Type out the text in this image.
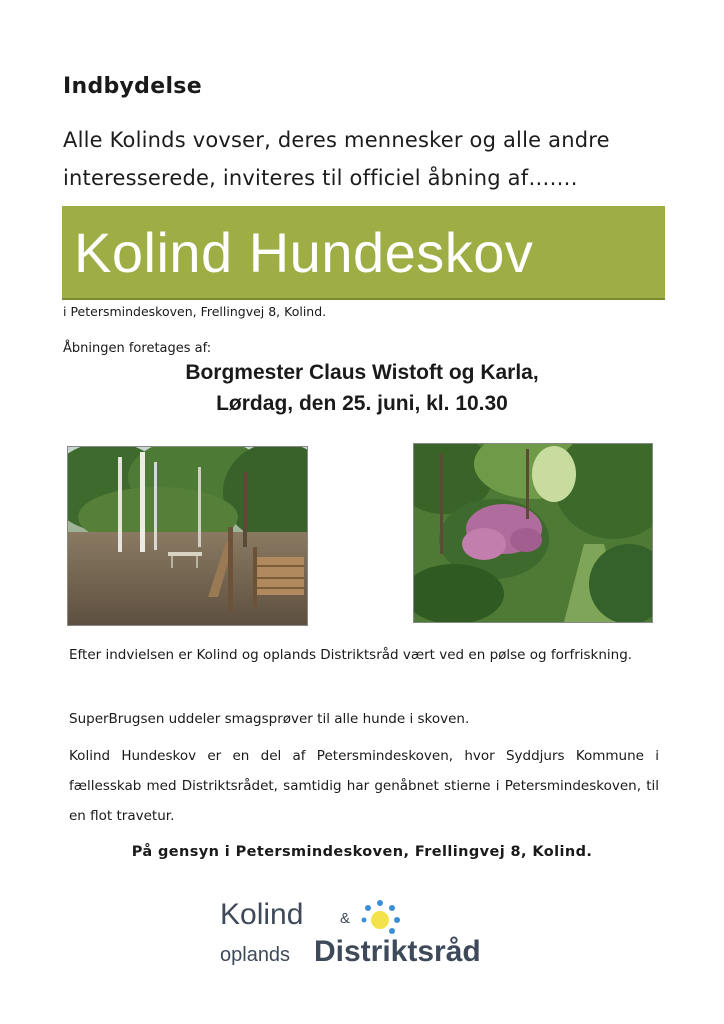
Indbydelse
Alle Kolinds vovser, deres mennesker og alle andre
interesserede, inviteres til officiel åbning af…….
Kolind Hundeskov
i Petersmindeskoven, Frellingvej 8, Kolind.
Åbningen foretages af:
Borgmester Claus Wistoft og Karla,
Lørdag, den 25. juni, kl. 10.30
Efter indvielsen er Kolind og oplands Distriktsråd vært ved en pølse og forfriskning.
SuperBrugsen uddeler smagsprøver til alle hunde i skoven.
Kolind Hundeskov er en del af Petersmindeskoven, hvor Syddjurs Kommune i fællesskab med Distriktsrådet, samtidig har genåbnet stierne i Petersmindeskoven, til en flot travetur.
På gensyn i Petersmindeskoven, Frellingvej 8, Kolind.
Kolind &
oplands Distriktsråd
